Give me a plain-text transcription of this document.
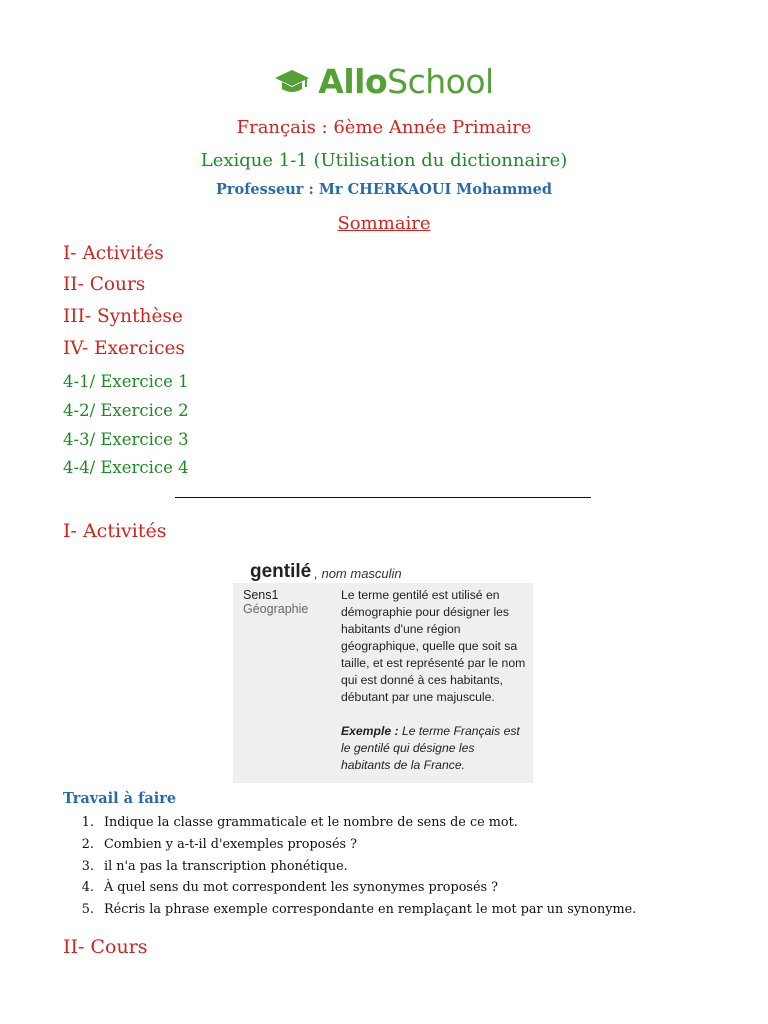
AlloSchool
Français : 6ème Année Primaire
Lexique 1-1 (Utilisation du dictionnaire)
Professeur : Mr CHERKAOUI Mohammed
Sommaire
I- Activités
II- Cours
III- Synthèse
IV- Exercices
4-1/ Exercice 1
4-2/ Exercice 2
4-3/ Exercice 3
4-4/ Exercice 4
I- Activités
gentilé , nom masculin
Sens1
Géographie
Le terme gentilé est utilisé en démographie pour désigner les habitants d'une région géographique, quelle que soit sa taille, et est représenté par le nom qui est donné à ces habitants, débutant par une majuscule.
Exemple : Le terme Français est le gentilé qui désigne les habitants de la France.
Travail à faire
1. Indique la classe grammaticale et le nombre de sens de ce mot.
2. Combien y a-t-il d'exemples proposés ?
3. il n'a pas la transcription phonétique.
4. À quel sens du mot correspondent les synonymes proposés ?
5. Récris la phrase exemple correspondante en remplaçant le mot par un synonyme.
II- Cours
